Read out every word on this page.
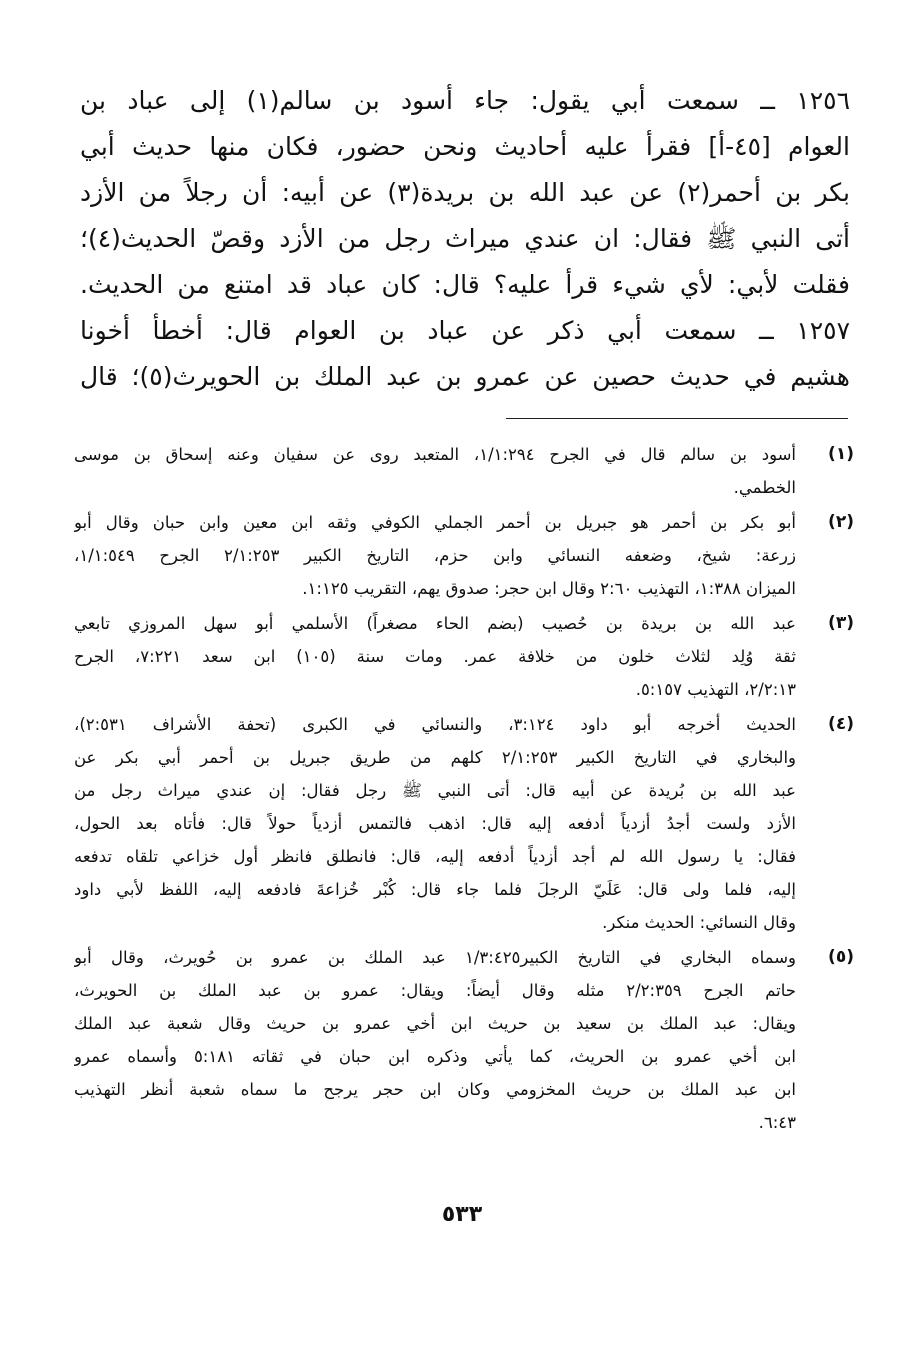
١٢٥٦ ــ سمعت أبي يقول: جاء أسود بن سالم(١) إلى عباد بن
العوام [٤٥-أ] فقرأ عليه أحاديث ونحن حضور، فكان منها حديث أبي
بكر بن أحمر(٢) عن عبد الله بن بريدة(٣) عن أبيه: أن رجلاً من الأزد
أتى النبي ﷺ فقال: ان عندي ميراث رجل من الأزد وقصّ الحديث(٤)؛
فقلت لأبي: لأي شيء قرأ عليه؟ قال: كان عباد قد امتنع من الحديث.
١٢٥٧ ــ سمعت أبي ذكر عن عباد بن العوام قال: أخطأ أخونا
هشيم في حديث حصين عن عمرو بن عبد الملك بن الحويرث(٥)؛ قال
(١)
أسود بن سالم قال في الجرح ١/١:٢٩٤، المتعبد روى عن سفيان وعنه إسحاق بن موسى
الخطمي.
(٢)
أبو بكر بن أحمر هو جبريل بن أحمر الجملي الكوفي وثقه ابن معين وابن حبان وقال أبو
زرعة: شيخ، وضعفه النسائي وابن حزم، التاريخ الكبير ٢/١:٢٥٣ الجرح ١/١:٥٤٩،
الميزان ١:٣٨٨، التهذيب ٢:٦٠ وقال ابن حجر: صدوق يهم، التقريب ١:١٢٥.
(٣)
عبد الله بن بريدة بن حُصيب (بضم الحاء مصغراً) الأسلمي أبو سهل المروزي تابعي
ثقة وُلِد لثلاث خلون من خلافة عمر. ومات سنة (١٠٥) ابن سعد ٧:٢٢١، الجرح
٢/٢:١٣، التهذيب ٥:١٥٧.
(٤)
الحديث أخرجه أبو داود ٣:١٢٤، والنسائي في الكبرى (تحفة الأشراف ٢:٥٣١)،
والبخاري في التاريخ الكبير ٢/١:٢٥٣ كلهم من طريق جبريل بن أحمر أبي بكر عن
عبد الله بن بُريدة عن أبيه قال: أتى النبي ﷺ رجل فقال: إن عندي ميراث رجل من
الأزد ولست أجدُ أزدياً أدفعه إليه قال: اذهب فالتمس أزدياً حولاً قال: فأتاه بعد الحول،
فقال: يا رسول الله لم أجد أزدياً أدفعه إليه، قال: فانطلق فانظر أول خزاعي تلقاه تدفعه
إليه، فلما ولى قال: عَلَيّ الرجلَ فلما جاء قال: كُبْر خُزاعةَ فادفعه إليه، اللفظ لأبي داود
وقال النسائي: الحديث منكر.
(٥)
وسماه البخاري في التاريخ الكبير١/٣:٤٢٥ عبد الملك بن عمرو بن حُويرث، وقال أبو
حاتم الجرح ٢/٢:٣٥٩ مثله وقال أيضاً: ويقال: عمرو بن عبد الملك بن الحويرث،
ويقال: عبد الملك بن سعيد بن حريث ابن أخي عمرو بن حريث وقال شعبة عبد الملك
ابن أخي عمرو بن الحريث، كما يأتي وذكره ابن حبان في ثقاته ٥:١٨١ وأسماه عمرو
ابن عبد الملك بن حريث المخزومي وكان ابن حجر يرجح ما سماه شعبة أنظر التهذيب
٦:٤٣.
٥٣٣
